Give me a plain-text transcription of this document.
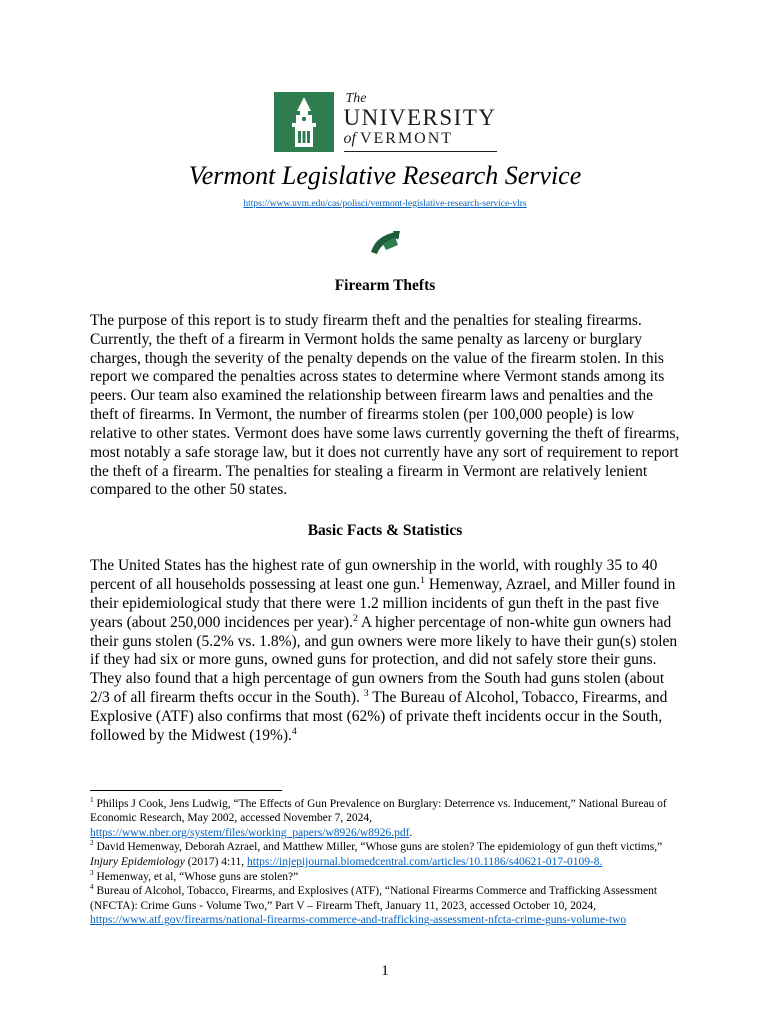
The
UNIVERSITY
of VERMONT
Vermont Legislative Research Service
https://www.uvm.edu/cas/polisci/vermont-legislative-research-service-vlrs
Firearm Thefts

The purpose of this report is to study firearm theft and the penalties for stealing firearms. Currently, the theft of a firearm in Vermont holds the same penalty as larceny or burglary charges, though the severity of the penalty depends on the value of the firearm stolen. In this report we compared the penalties across states to determine where Vermont stands among its peers. Our team also examined the relationship between firearm laws and penalties and the theft of firearms. In Vermont, the number of firearms stolen (per 100,000 people) is low relative to other states. Vermont does have some laws currently governing the theft of firearms, most notably a safe storage law, but it does not currently have any sort of requirement to report the theft of a firearm. The penalties for stealing a firearm in Vermont are relatively lenient compared to the other 50 states.

Basic Facts & Statistics

The United States has the highest rate of gun ownership in the world, with roughly 35 to 40 percent of all households possessing at least one gun.$^1$ Hemenway, Azrael, and Miller found in their epidemiological study that there were 1.2 million incidents of gun theft in the past five years (about 250,000 incidences per year).$^2$ A higher percentage of non-white gun owners had their guns stolen (5.2% vs. 1.8%), and gun owners were more likely to have their gun(s) stolen if they had six or more guns, owned guns for protection, and did not safely store their guns. They also found that a high percentage of gun owners from the South had guns stolen (about 2/3 of all firearm thefts occur in the South). $^3$ The Bureau of Alcohol, Tobacco, Firearms, and Explosive (ATF) also confirms that most (62%) of private theft incidents occur in the South, followed by the Midwest (19%).$^4$

$^1$ Philips J Cook, Jens Ludwig, “The Effects of Gun Prevalence on Burglary: Deterrence vs. Inducement,” National Bureau of Economic Research, May 2002, accessed November 7, 2024, https://www.nber.org/system/files/working_papers/w8926/w8926.pdf.
$^2$ David Hemenway, Deborah Azrael, and Matthew Miller, “Whose guns are stolen? The epidemiology of gun theft victims,” Injury Epidemiology (2017) 4:11, https://injepijournal.biomedcentral.com/articles/10.1186/s40621-017-0109-8.
$^3$ Hemenway, et al, “Whose guns are stolen?”
$^4$ Bureau of Alcohol, Tobacco, Firearms, and Explosives (ATF), “National Firearms Commerce and Trafficking Assessment (NFCTA): Crime Guns - Volume Two,” Part V – Firearm Theft, January 11, 2023, accessed October 10, 2024, https://www.atf.gov/firearms/national-firearms-commerce-and-trafficking-assessment-nfcta-crime-guns-volume-two
1
